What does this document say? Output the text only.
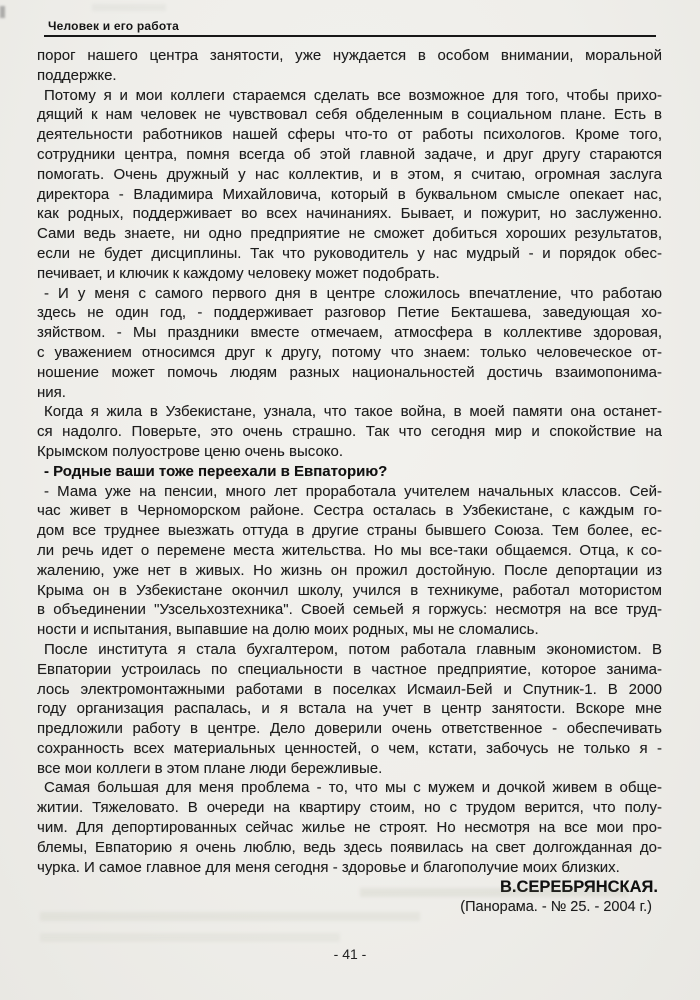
Человек и его работа
порог нашего центра занятости, уже нуждается в особом внимании, моральной
поддержке.
Потому я и мои коллеги стараемся сделать все возможное для того, чтобы прихо-
дящий к нам человек не чувствовал себя обделенным в социальном плане. Есть в
деятельности работников нашей сферы что-то от работы психологов. Кроме того,
сотрудники центра, помня всегда об этой главной задаче, и друг другу стараются
помогать. Очень дружный у нас коллектив, и в этом, я считаю, огромная заслуга
директора - Владимира Михайловича, который в буквальном смысле опекает нас,
как родных, поддерживает во всех начинаниях. Бывает, и пожурит, но заслуженно.
Сами ведь знаете, ни одно предприятие не сможет добиться хороших результатов,
если не будет дисциплины. Так что руководитель у нас мудрый - и порядок обес-
печивает, и ключик к каждому человеку может подобрать.
- И у меня с самого первого дня в центре сложилось впечатление, что работаю
здесь не один год, - поддерживает разговор Петие Бекташева, заведующая хо-
зяйством. - Мы праздники вместе отмечаем, атмосфера в коллективе здоровая,
с уважением относимся друг к другу, потому что знаем: только человеческое от-
ношение может помочь людям разных национальностей достичь взаимопонима-
ния.
Когда я жила в Узбекистане, узнала, что такое война, в моей памяти она останет-
ся надолго. Поверьте, это очень страшно. Так что сегодня мир и спокойствие на
Крымском полуострове ценю очень высоко.
- Родные ваши тоже переехали в Евпаторию?
- Мама уже на пенсии, много лет проработала учителем начальных классов. Сей-
час живет в Черноморском районе. Сестра осталась в Узбекистане, с каждым го-
дом все труднее выезжать оттуда в другие страны бывшего Союза. Тем более, ес-
ли речь идет о перемене места жительства. Но мы все-таки общаемся. Отца, к со-
жалению, уже нет в живых. Но жизнь он прожил достойную. После депортации из
Крыма он в Узбекистане окончил школу, учился в техникуме, работал мотористом
в объединении "Узсельхозтехника". Своей семьей я горжусь: несмотря на все труд-
ности и испытания, выпавшие на долю моих родных, мы не сломались.
После института я стала бухгалтером, потом работала главным экономистом. В
Евпатории устроилась по специальности в частное предприятие, которое занима-
лось электромонтажными работами в поселках Исмаил-Бей и Спутник-1. В 2000
году организация распалась, и я встала на учет в центр занятости. Вскоре мне
предложили работу в центре. Дело доверили очень ответственное - обеспечивать
сохранность всех материальных ценностей, о чем, кстати, забочусь не только я -
все мои коллеги в этом плане люди бережливые.
Самая большая для меня проблема - то, что мы с мужем и дочкой живем в обще-
житии. Тяжеловато. В очереди на квартиру стоим, но с трудом верится, что полу-
чим. Для депортированных сейчас жилье не строят. Но несмотря на все мои про-
блемы, Евпаторию я очень люблю, ведь здесь появилась на свет долгожданная до-
чурка. И самое главное для меня сегодня - здоровье и благополучие моих близких.
В.СЕРЕБРЯНСКАЯ.
(Панорама. - № 25. - 2004 г.)
- 41 -
